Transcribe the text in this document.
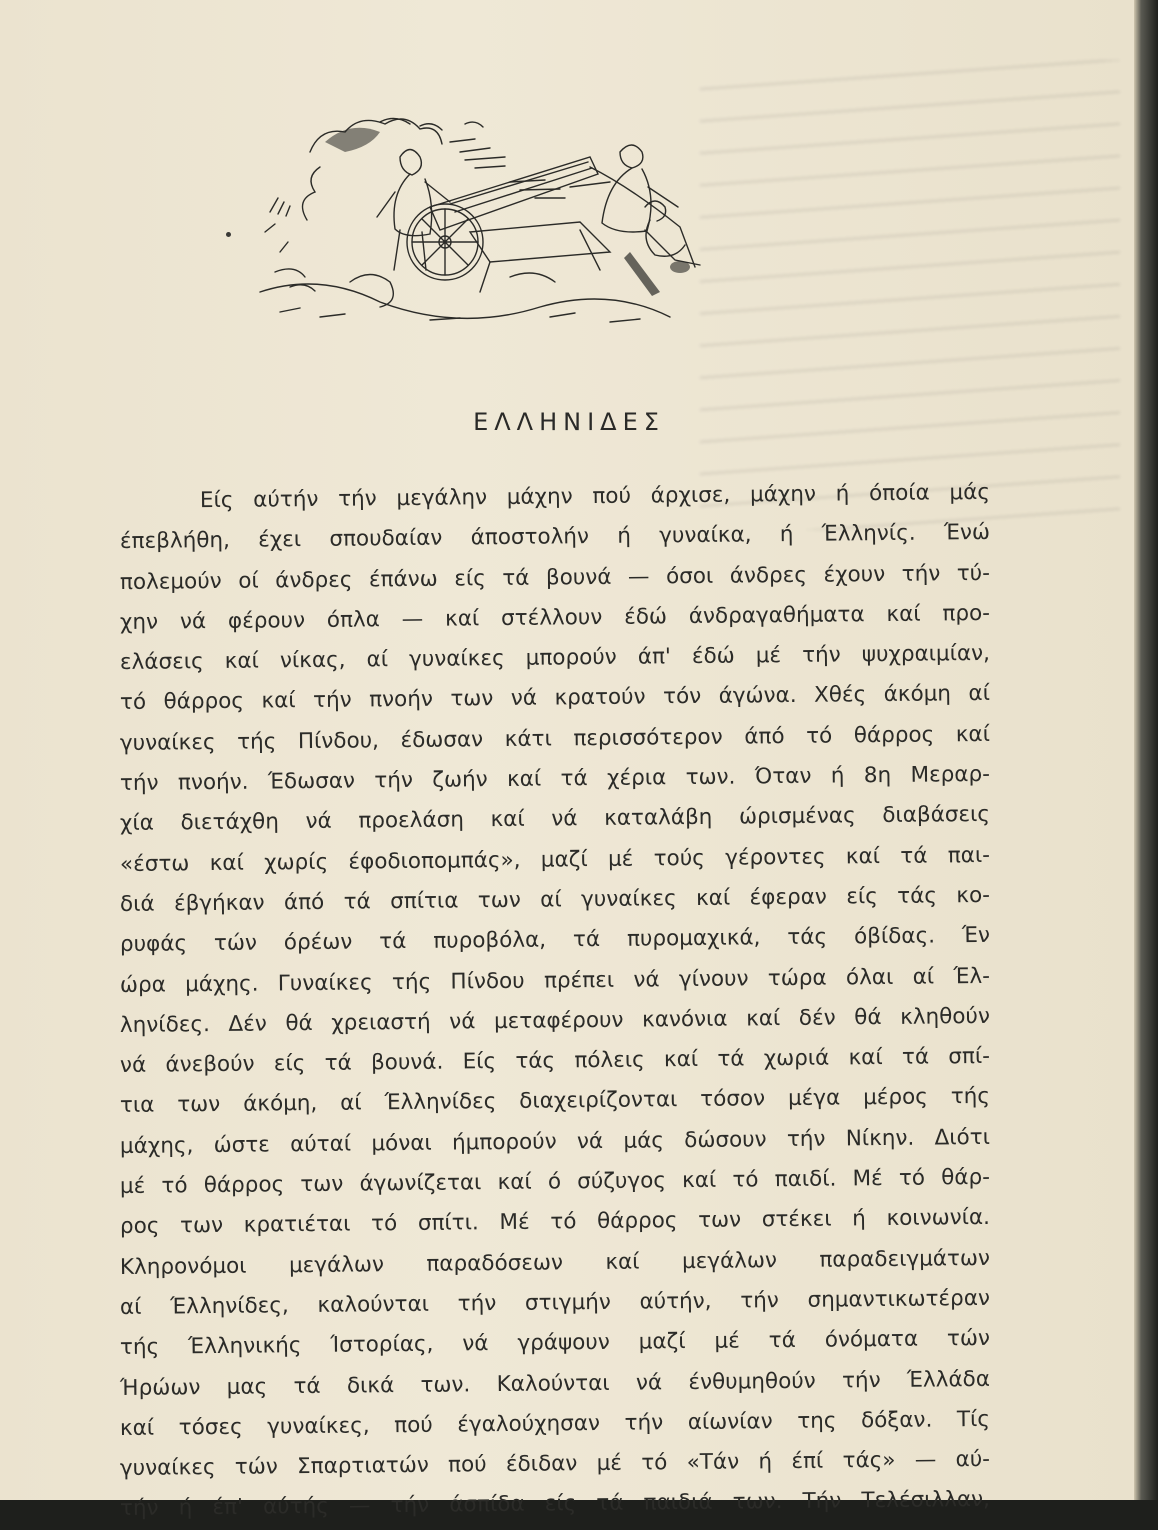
ΕΛΛΗΝΙΔΕΣ
Είς αύτήν τήν μεγάλην μάχην πού άρχισε, μάχην ή όποία μάς
έπεβλήθη, έχει σπουδαίαν άποστολήν ή γυναίκα, ή Έλληνίς. Ένώ
πολεμούν οί άνδρες έπάνω είς τά βουνά — όσοι άνδρες έχουν τήν τύ-
χην νά φέρουν όπλα — καί στέλλουν έδώ άνδραγαθήματα καί προ-
ελάσεις καί νίκας, αί γυναίκες μπορούν άπ' έδώ μέ τήν ψυχραιμίαν,
τό θάρρος καί τήν πνοήν των νά κρατούν τόν άγώνα. Χθές άκόμη αί
γυναίκες τής Πίνδου, έδωσαν κάτι περισσότερον άπό τό θάρρος καί
τήν πνοήν. Έδωσαν τήν ζωήν καί τά χέρια των. Όταν ή 8η Μεραρ-
χία διετάχθη νά προελάση καί νά καταλάβη ώρισμένας διαβάσεις
«έστω καί χωρίς έφοδιοπομπάς», μαζί μέ τούς γέροντες καί τά παι-
διά έβγήκαν άπό τά σπίτια των αί γυναίκες καί έφεραν είς τάς κο-
ρυφάς τών όρέων τά πυροβόλα, τά πυρομαχικά, τάς όβίδας. Έν
ώρα μάχης. Γυναίκες τής Πίνδου πρέπει νά γίνουν τώρα όλαι αί Έλ-
ληνίδες. Δέν θά χρειαστή νά μεταφέρουν κανόνια καί δέν θά κληθούν
νά άνεβούν είς τά βουνά. Είς τάς πόλεις καί τά χωριά καί τά σπί-
τια των άκόμη, αί Έλληνίδες διαχειρίζονται τόσον μέγα μέρος τής
μάχης, ώστε αύταί μόναι ήμπορούν νά μάς δώσουν τήν Νίκην. Διότι
μέ τό θάρρος των άγωνίζεται καί ό σύζυγος καί τό παιδί. Μέ τό θάρ-
ρος των κρατιέται τό σπίτι. Μέ τό θάρρος των στέκει ή κοινωνία.
Κληρονόμοι μεγάλων παραδόσεων καί μεγάλων παραδειγμάτων
αί Έλληνίδες, καλούνται τήν στιγμήν αύτήν, τήν σημαντικωτέραν
τής Έλληνικής Ίστορίας, νά γράψουν μαζί μέ τά όνόματα τών
Ήρώων μας τά δικά των. Καλούνται νά ένθυμηθούν τήν Έλλάδα
καί τόσες γυναίκες, πού έγαλούχησαν τήν αίωνίαν της δόξαν. Τίς
γυναίκες τών Σπαρτιατών πού έδιδαν μέ τό «Τάν ή έπί τάς» — αύ-
τήν ή έπ' αύτής — τήν άσπίδα είς τά παιδιά των. Τήν Τελέσιλλαν,
